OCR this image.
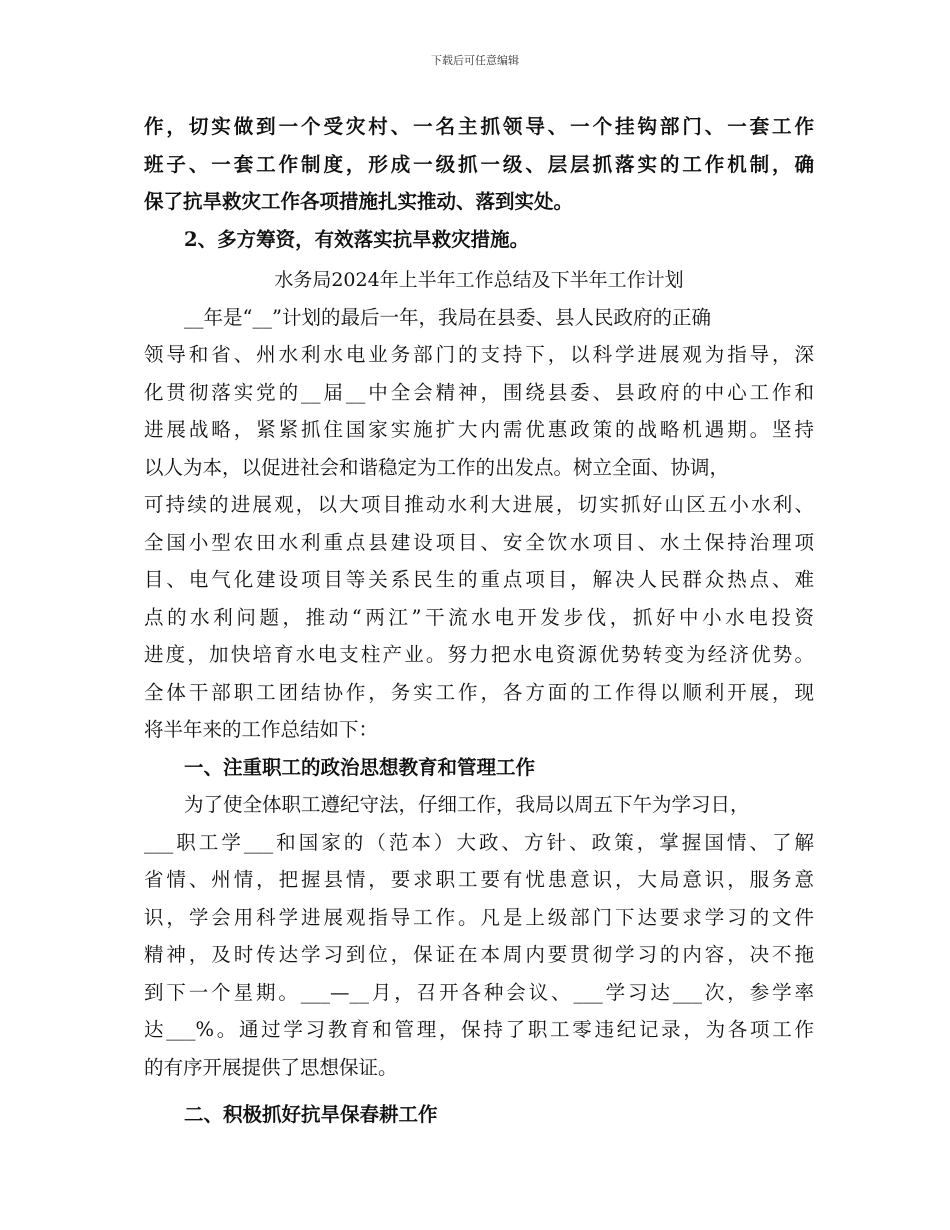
下载后可任意编辑
作，切实做到一个受灾村、一名主抓领导、一个挂钩部门、一套工作
班子、一套工作制度，形成一级抓一级、层层抓落实的工作机制，确
保了抗旱救灾工作各项措施扎实推动、落到实处。
2、多方筹资，有效落实抗旱救灾措施。
水务局2024年上半年工作总结及下半年工作计划
__年是“__”计划的最后一年，我局在县委、县人民政府的正确
领导和省、州水利水电业务部门的支持下，以科学进展观为指导，深
化贯彻落实党的__届__中全会精神，围绕县委、县政府的中心工作和
进展战略，紧紧抓住国家实施扩大内需优惠政策的战略机遇期。坚持
以人为本，以促进社会和谐稳定为工作的出发点。树立全面、协调，
可持续的进展观，以大项目推动水利大进展，切实抓好山区五小水利、
全国小型农田水利重点县建设项目、安全饮水项目、水土保持治理项
目、电气化建设项目等关系民生的重点项目，解决人民群众热点、难
点的水利问题，推动“两江”干流水电开发步伐，抓好中小水电投资
进度，加快培育水电支柱产业。努力把水电资源优势转变为经济优势。
全体干部职工团结协作，务实工作，各方面的工作得以顺利开展，现
将半年来的工作总结如下：
一、注重职工的政治思想教育和管理工作
为了使全体职工遵纪守法，仔细工作，我局以周五下午为学习日，
___职工学___和国家的（范本）大政、方针、政策，掌握国情、了解
省情、州情，把握县情，要求职工要有忧患意识，大局意识，服务意
识，学会用科学进展观指导工作。凡是上级部门下达要求学习的文件
精神，及时传达学习到位，保证在本周内要贯彻学习的内容，决不拖
到下一个星期。___—__月，召开各种会议、___学习达___次，参学率
达___%。通过学习教育和管理，保持了职工零违纪记录，为各项工作
的有序开展提供了思想保证。
二、积极抓好抗旱保春耕工作
